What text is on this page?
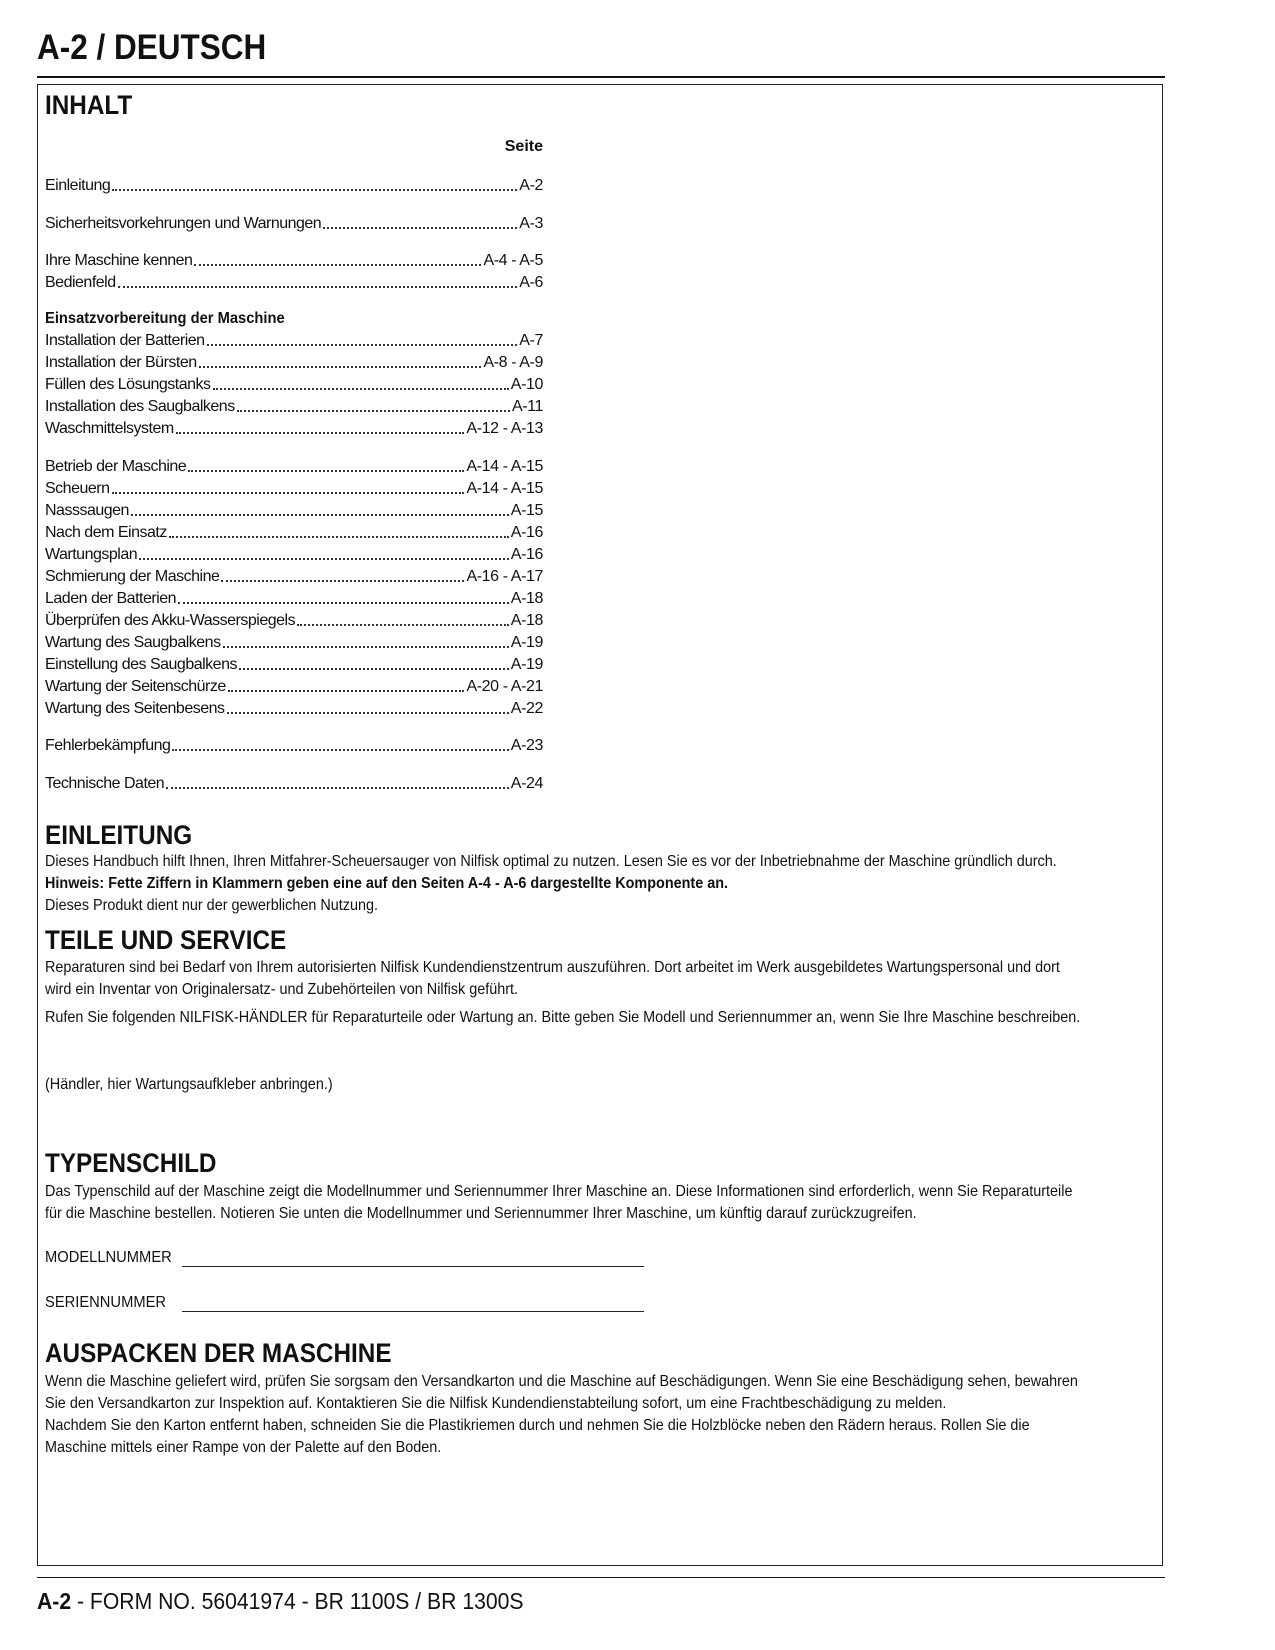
A-2 / DEUTSCH
INHALT
Seite
Einleitung	A-2
Sicherheitsvorkehrungen und Warnungen	A-3
Ihre Maschine kennen	A-4 - A-5
Bedienfeld	A-6
Installation der Batterien	A-7
Installation der Bürsten	A-8 - A-9
Füllen des Lösungstanks	A-10
Installation des Saugbalkens	A-11
Waschmittelsystem	A-12 - A-13
Betrieb der Maschine	A-14 - A-15
Scheuern	A-14 - A-15
Nasssaugen	A-15
Nach dem Einsatz	A-16
Wartungsplan	A-16
Schmierung der Maschine	A-16 - A-17
Laden der Batterien	A-18
Überprüfen des Akku-Wasserspiegels	A-18
Wartung des Saugbalkens	A-19
Einstellung des Saugbalkens	A-19
Wartung der Seitenschürze	A-20 - A-21
Wartung des Seitenbesens	A-22
Fehlerbekämpfung	A-23
Technische Daten	A-24
Einsatzvorbereitung der Maschine
EINLEITUNG
Dieses Handbuch hilft Ihnen, Ihren Mitfahrer-Scheuersauger von Nilfisk optimal zu nutzen. Lesen Sie es vor der Inbetriebnahme der Maschine gründlich durch.
Hinweis: Fette Ziffern in Klammern geben eine auf den Seiten A-4 - A-6 dargestellte Komponente an.
Dieses Produkt dient nur der gewerblichen Nutzung.
TEILE UND SERVICE
Reparaturen sind bei Bedarf von Ihrem autorisierten Nilfisk Kundendienstzentrum auszuführen. Dort arbeitet im Werk ausgebildetes Wartungspersonal und dort
wird ein Inventar von Originalersatz- und Zubehörteilen von Nilfisk geführt.
Rufen Sie folgenden NILFISK-HÄNDLER für Reparaturteile oder Wartung an. Bitte geben Sie Modell und Seriennummer an, wenn Sie Ihre Maschine beschreiben.
(Händler, hier Wartungsaufkleber anbringen.)
TYPENSCHILD
Das Typenschild auf der Maschine zeigt die Modellnummer und Seriennummer Ihrer Maschine an. Diese Informationen sind erforderlich, wenn Sie Reparaturteile
für die Maschine bestellen. Notieren Sie unten die Modellnummer und Seriennummer Ihrer Maschine, um künftig darauf zurückzugreifen.
MODELLNUMMER
SERIENNUMMER
AUSPACKEN DER MASCHINE
Wenn die Maschine geliefert wird, prüfen Sie sorgsam den Versandkarton und die Maschine auf Beschädigungen. Wenn Sie eine Beschädigung sehen, bewahren
Sie den Versandkarton zur Inspektion auf. Kontaktieren Sie die Nilfisk Kundendienstabteilung sofort, um eine Frachtbeschädigung zu melden.
Nachdem Sie den Karton entfernt haben, schneiden Sie die Plastikriemen durch und nehmen Sie die Holzblöcke neben den Rädern heraus. Rollen Sie die
Maschine mittels einer Rampe von der Palette auf den Boden.
A-2 - FORM NO. 56041974 - BR 1100S / BR 1300S
